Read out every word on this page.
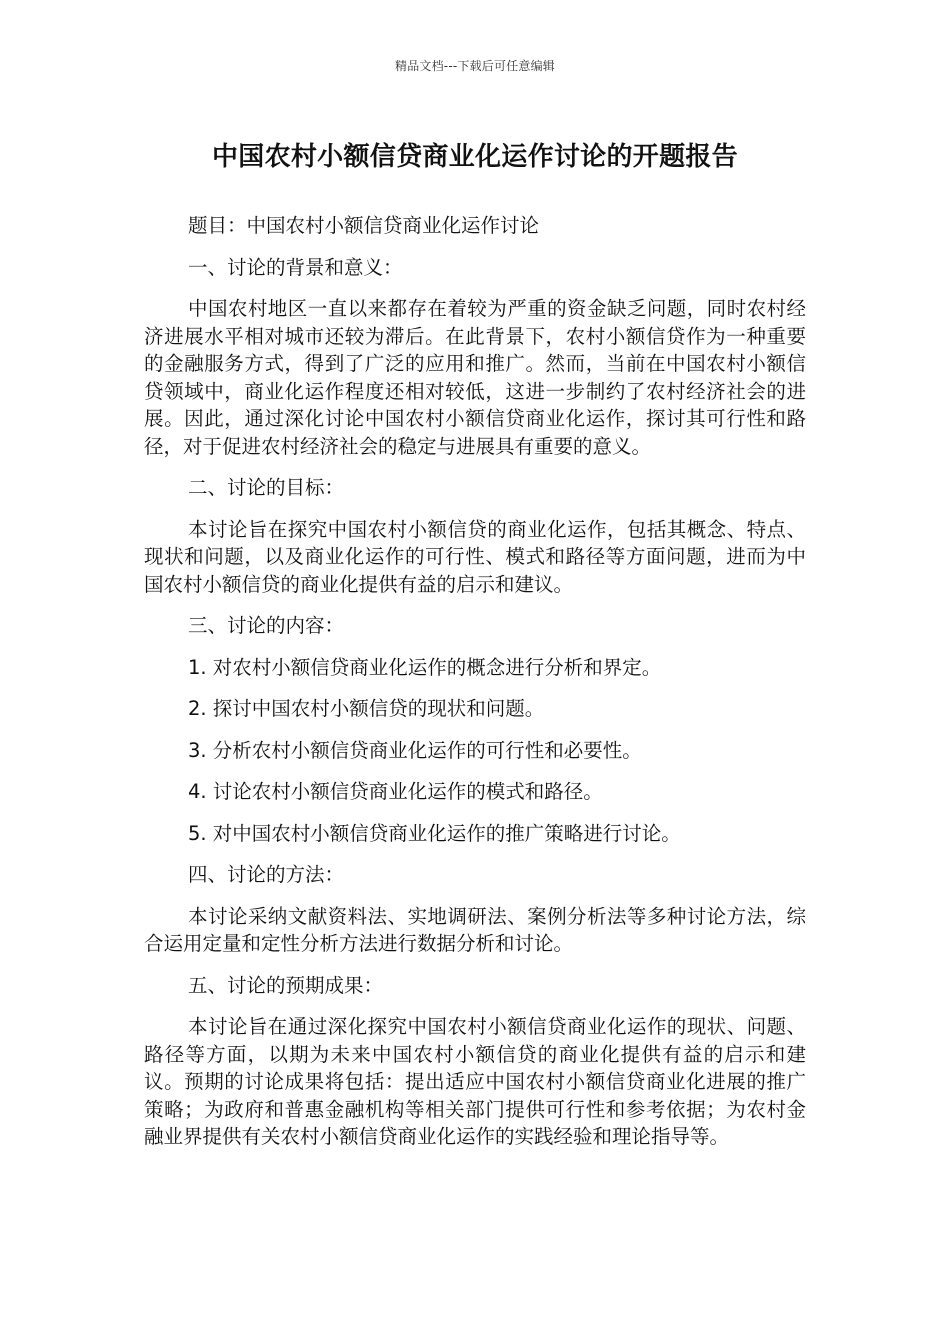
精品文档---下载后可任意编辑
中国农村小额信贷商业化运作讨论的开题报告

题目：中国农村小额信贷商业化运作讨论

一、讨论的背景和意义：

中国农村地区一直以来都存在着较为严重的资金缺乏问题，同时农村经济进展水平相对城市还较为滞后。在此背景下，农村小额信贷作为一种重要的金融服务方式，得到了广泛的应用和推广。然而，当前在中国农村小额信贷领域中，商业化运作程度还相对较低，这进一步制约了农村经济社会的进展。因此，通过深化讨论中国农村小额信贷商业化运作，探讨其可行性和路径，对于促进农村经济社会的稳定与进展具有重要的意义。

二、讨论的目标：

本讨论旨在探究中国农村小额信贷的商业化运作，包括其概念、特点、现状和问题，以及商业化运作的可行性、模式和路径等方面问题，进而为中国农村小额信贷的商业化提供有益的启示和建议。

三、讨论的内容：

1. 对农村小额信贷商业化运作的概念进行分析和界定。

2. 探讨中国农村小额信贷的现状和问题。

3. 分析农村小额信贷商业化运作的可行性和必要性。

4. 讨论农村小额信贷商业化运作的模式和路径。

5. 对中国农村小额信贷商业化运作的推广策略进行讨论。

四、讨论的方法：

本讨论采纳文献资料法、实地调研法、案例分析法等多种讨论方法，综合运用定量和定性分析方法进行数据分析和讨论。

五、讨论的预期成果：

本讨论旨在通过深化探究中国农村小额信贷商业化运作的现状、问题、路径等方面，以期为未来中国农村小额信贷的商业化提供有益的启示和建议。预期的讨论成果将包括：提出适应中国农村小额信贷商业化进展的推广策略；为政府和普惠金融机构等相关部门提供可行性和参考依据；为农村金融业界提供有关农村小额信贷商业化运作的实践经验和理论指导等。
